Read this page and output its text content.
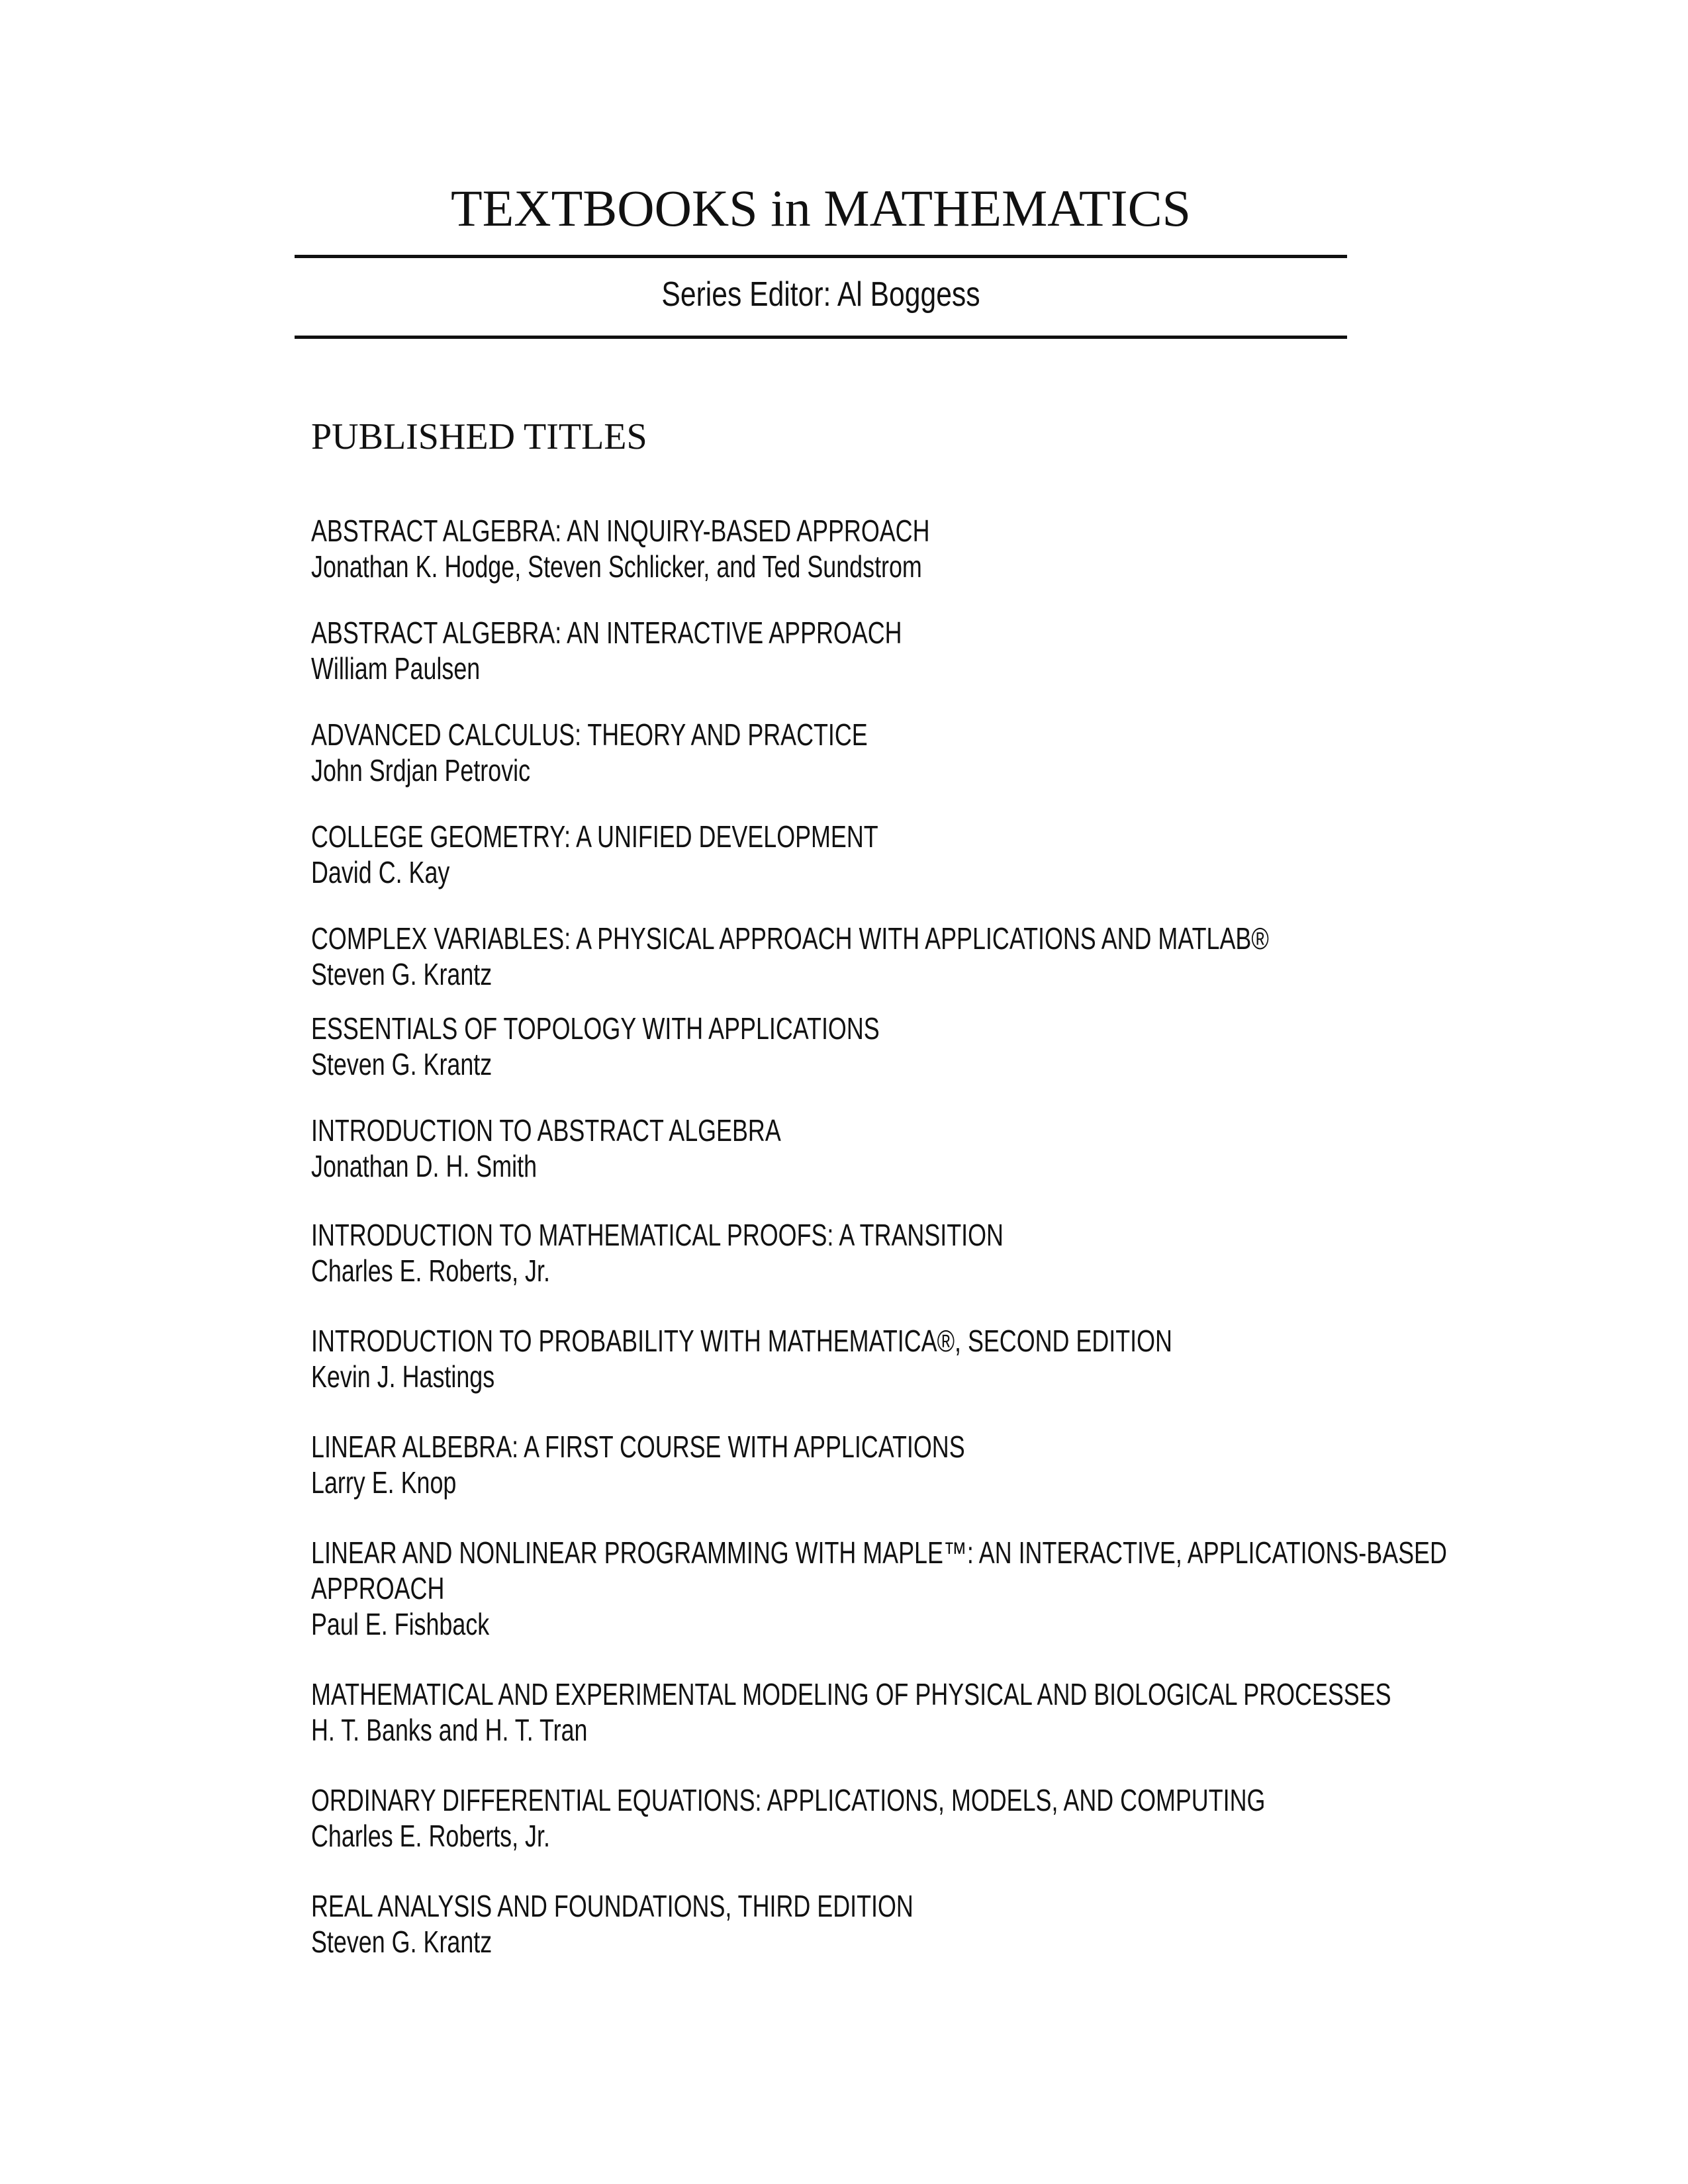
TEXTBOOKS in MATHEMATICS
Series Editor: Al Boggess
PUBLISHED TITLES
ABSTRACT ALGEBRA: AN INQUIRY-BASED APPROACH
Jonathan K. Hodge, Steven Schlicker, and Ted Sundstrom
ABSTRACT ALGEBRA: AN INTERACTIVE APPROACH
William Paulsen
ADVANCED CALCULUS: THEORY AND PRACTICE
John Srdjan Petrovic
COLLEGE GEOMETRY: A UNIFIED DEVELOPMENT
David C. Kay
COMPLEX VARIABLES: A PHYSICAL APPROACH WITH APPLICATIONS AND MATLAB®
Steven G. Krantz
ESSENTIALS OF TOPOLOGY WITH APPLICATIONS
Steven G. Krantz
INTRODUCTION TO ABSTRACT ALGEBRA
Jonathan D. H. Smith
INTRODUCTION TO MATHEMATICAL PROOFS: A TRANSITION
Charles E. Roberts, Jr.
INTRODUCTION TO PROBABILITY WITH MATHEMATICA®, SECOND EDITION
Kevin J. Hastings
LINEAR ALBEBRA: A FIRST COURSE WITH APPLICATIONS
Larry E. Knop
LINEAR AND NONLINEAR PROGRAMMING WITH MAPLE™: AN INTERACTIVE, APPLICATIONS-BASED
APPROACH
Paul E. Fishback
MATHEMATICAL AND EXPERIMENTAL MODELING OF PHYSICAL AND BIOLOGICAL PROCESSES
H. T. Banks and H. T. Tran
ORDINARY DIFFERENTIAL EQUATIONS: APPLICATIONS, MODELS, AND COMPUTING
Charles E. Roberts, Jr.
REAL ANALYSIS AND FOUNDATIONS, THIRD EDITION
Steven G. Krantz
